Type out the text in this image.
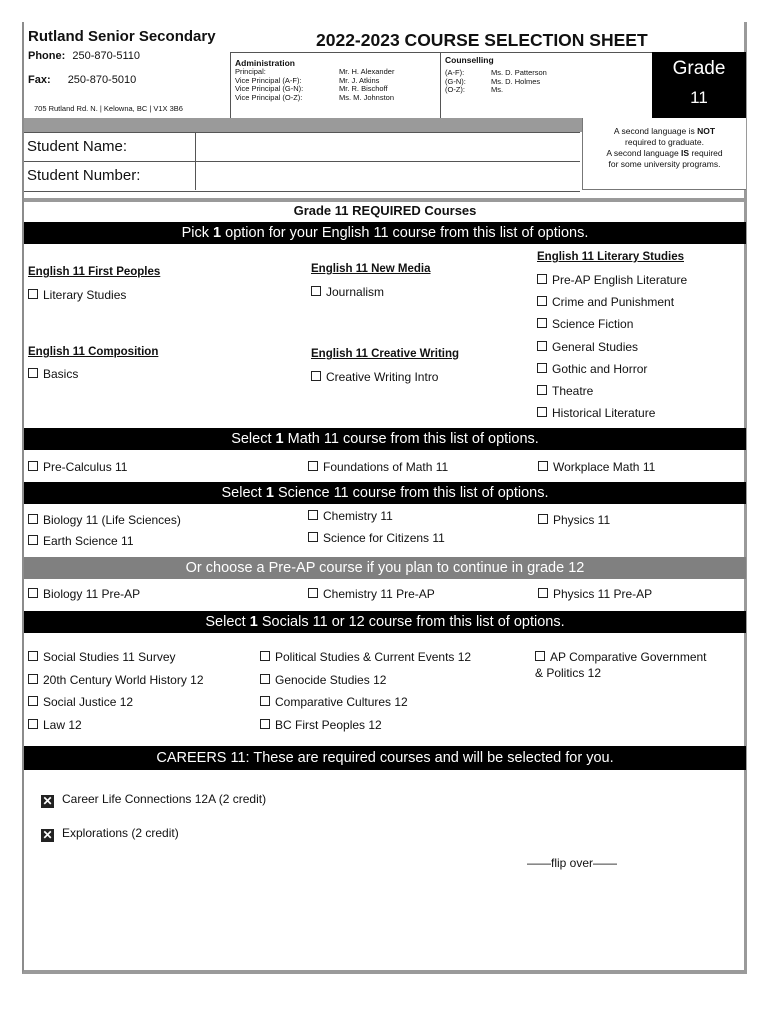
Rutland Senior Secondary
Phone: 250-870-5110
Fax: 250-870-5010
705 Rutland Rd. N. | Kelowna, BC | V1X 3B6
2022-2023 COURSE SELECTION SHEET
Administration
Principal:	Mr. H. Alexander
Vice Principal (A-F):	Mr. J. Atkins
Vice Principal (G-N):	Mr. R. Bischoff
Vice Principal (O-Z):	Ms. M. Johnston
Counselling
(A-F):	Ms. D. Patterson
(G-N):	Ms. D. Holmes
(O-Z):	Ms.
Grade
11
Student Name:
Student Number:
A second language is NOT
required to graduate.
A second language IS required
for some university programs.
Grade 11 REQUIRED Courses
Pick 1 option for your English 11 course from this list of options.
English 11 First Peoples
Literary Studies
English 11 Composition
Basics
English 11 New Media
Journalism
English 11 Creative Writing
Creative Writing Intro
English 11 Literary Studies
Pre-AP English Literature
Crime and Punishment
Science Fiction
General Studies
Gothic and Horror
Theatre
Historical Literature
Select 1 Math 11 course from this list of options.
Pre-Calculus 11	Foundations of Math 11	Workplace Math 11
Select 1 Science 11 course from this list of options.
Biology 11 (Life Sciences)
Earth Science 11
Chemistry 11
Science for Citizens 11
Physics 11
Or choose a Pre-AP course if you plan to continue in grade 12
Biology 11 Pre-AP	Chemistry 11 Pre-AP	Physics 11 Pre-AP
Select 1 Socials 11 or 12 course from this list of options.
Social Studies 11 Survey
20th Century World History 12
Social Justice 12
Law 12
Political Studies & Current Events 12
Genocide Studies 12
Comparative Cultures 12
BC First Peoples 12
AP Comparative Government
& Politics 12
CAREERS 11: These are required courses and will be selected for you.
✕ Career Life Connections 12A (2 credit)
✕ Explorations (2 credit)
——flip over——
